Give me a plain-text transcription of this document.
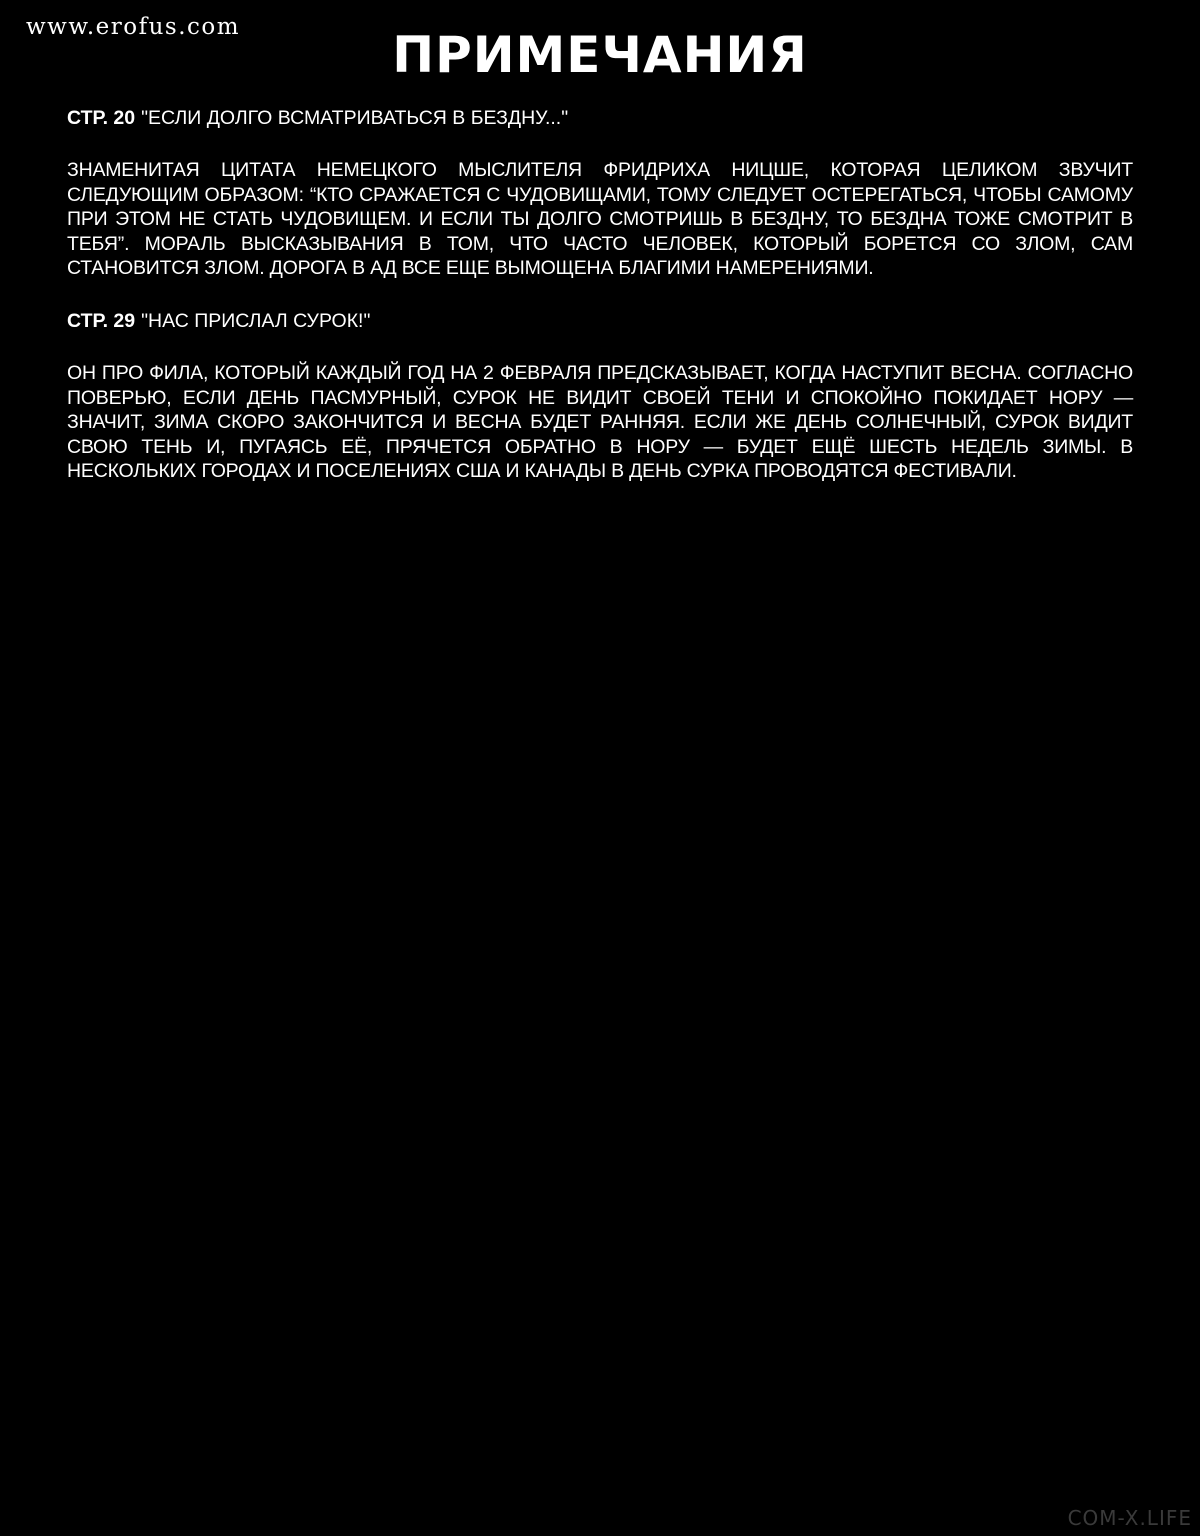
www.erofus.com	ПРИМЕЧАНИЯ

СТР. 20 "ЕСЛИ ДОЛГО ВСМАТРИВАТЬСЯ В БЕЗДНУ..."

ЗНАМЕНИТАЯ ЦИТАТА НЕМЕЦКОГО МЫСЛИТЕЛЯ ФРИДРИХА НИЦШЕ, КОТОРАЯ ЦЕЛИКОМ ЗВУЧИТ СЛЕДУЮЩИМ ОБРАЗОМ: “КТО СРАЖАЕТСЯ С ЧУДОВИЩАМИ, ТОМУ СЛЕДУЕТ ОСТЕРЕГАТЬСЯ, ЧТОБЫ САМОМУ ПРИ ЭТОМ НЕ СТАТЬ ЧУДОВИЩЕМ. И ЕСЛИ ТЫ ДОЛГО СМОТРИШЬ В БЕЗДНУ, ТО БЕЗДНА ТОЖЕ СМОТРИТ В ТЕБЯ”. МОРАЛЬ ВЫСКАЗЫВАНИЯ В ТОМ, ЧТО ЧАСТО ЧЕЛОВЕК, КОТОРЫЙ БОРЕТСЯ СО ЗЛОМ, САМ СТАНОВИТСЯ ЗЛОМ. ДОРОГА В АД ВСЕ ЕЩЕ ВЫМОЩЕНА БЛАГИМИ НАМЕРЕНИЯМИ.

СТР. 29 "НАС ПРИСЛАЛ СУРОК!"

ОН ПРО ФИЛА, КОТОРЫЙ КАЖДЫЙ ГОД НА 2 ФЕВРАЛЯ ПРЕДСКАЗЫВАЕТ, КОГДА НАСТУПИТ ВЕСНА. СОГЛАСНО ПОВЕРЬЮ, ЕСЛИ ДЕНЬ ПАСМУРНЫЙ, СУРОК НЕ ВИДИТ СВОЕЙ ТЕНИ И СПОКОЙНО ПОКИДАЕТ НОРУ — ЗНАЧИТ, ЗИМА СКОРО ЗАКОНЧИТСЯ И ВЕСНА БУДЕТ РАННЯЯ. ЕСЛИ ЖЕ ДЕНЬ СОЛНЕЧНЫЙ, СУРОК ВИДИТ СВОЮ ТЕНЬ И, ПУГАЯСЬ ЕЁ, ПРЯЧЕТСЯ ОБРАТНО В НОРУ — БУДЕТ ЕЩЁ ШЕСТЬ НЕДЕЛЬ ЗИМЫ. В НЕСКОЛЬКИХ ГОРОДАХ И ПОСЕЛЕНИЯХ США И КАНАДЫ В ДЕНЬ СУРКА ПРОВОДЯТСЯ ФЕСТИВАЛИ.

COM-X.LIFE
